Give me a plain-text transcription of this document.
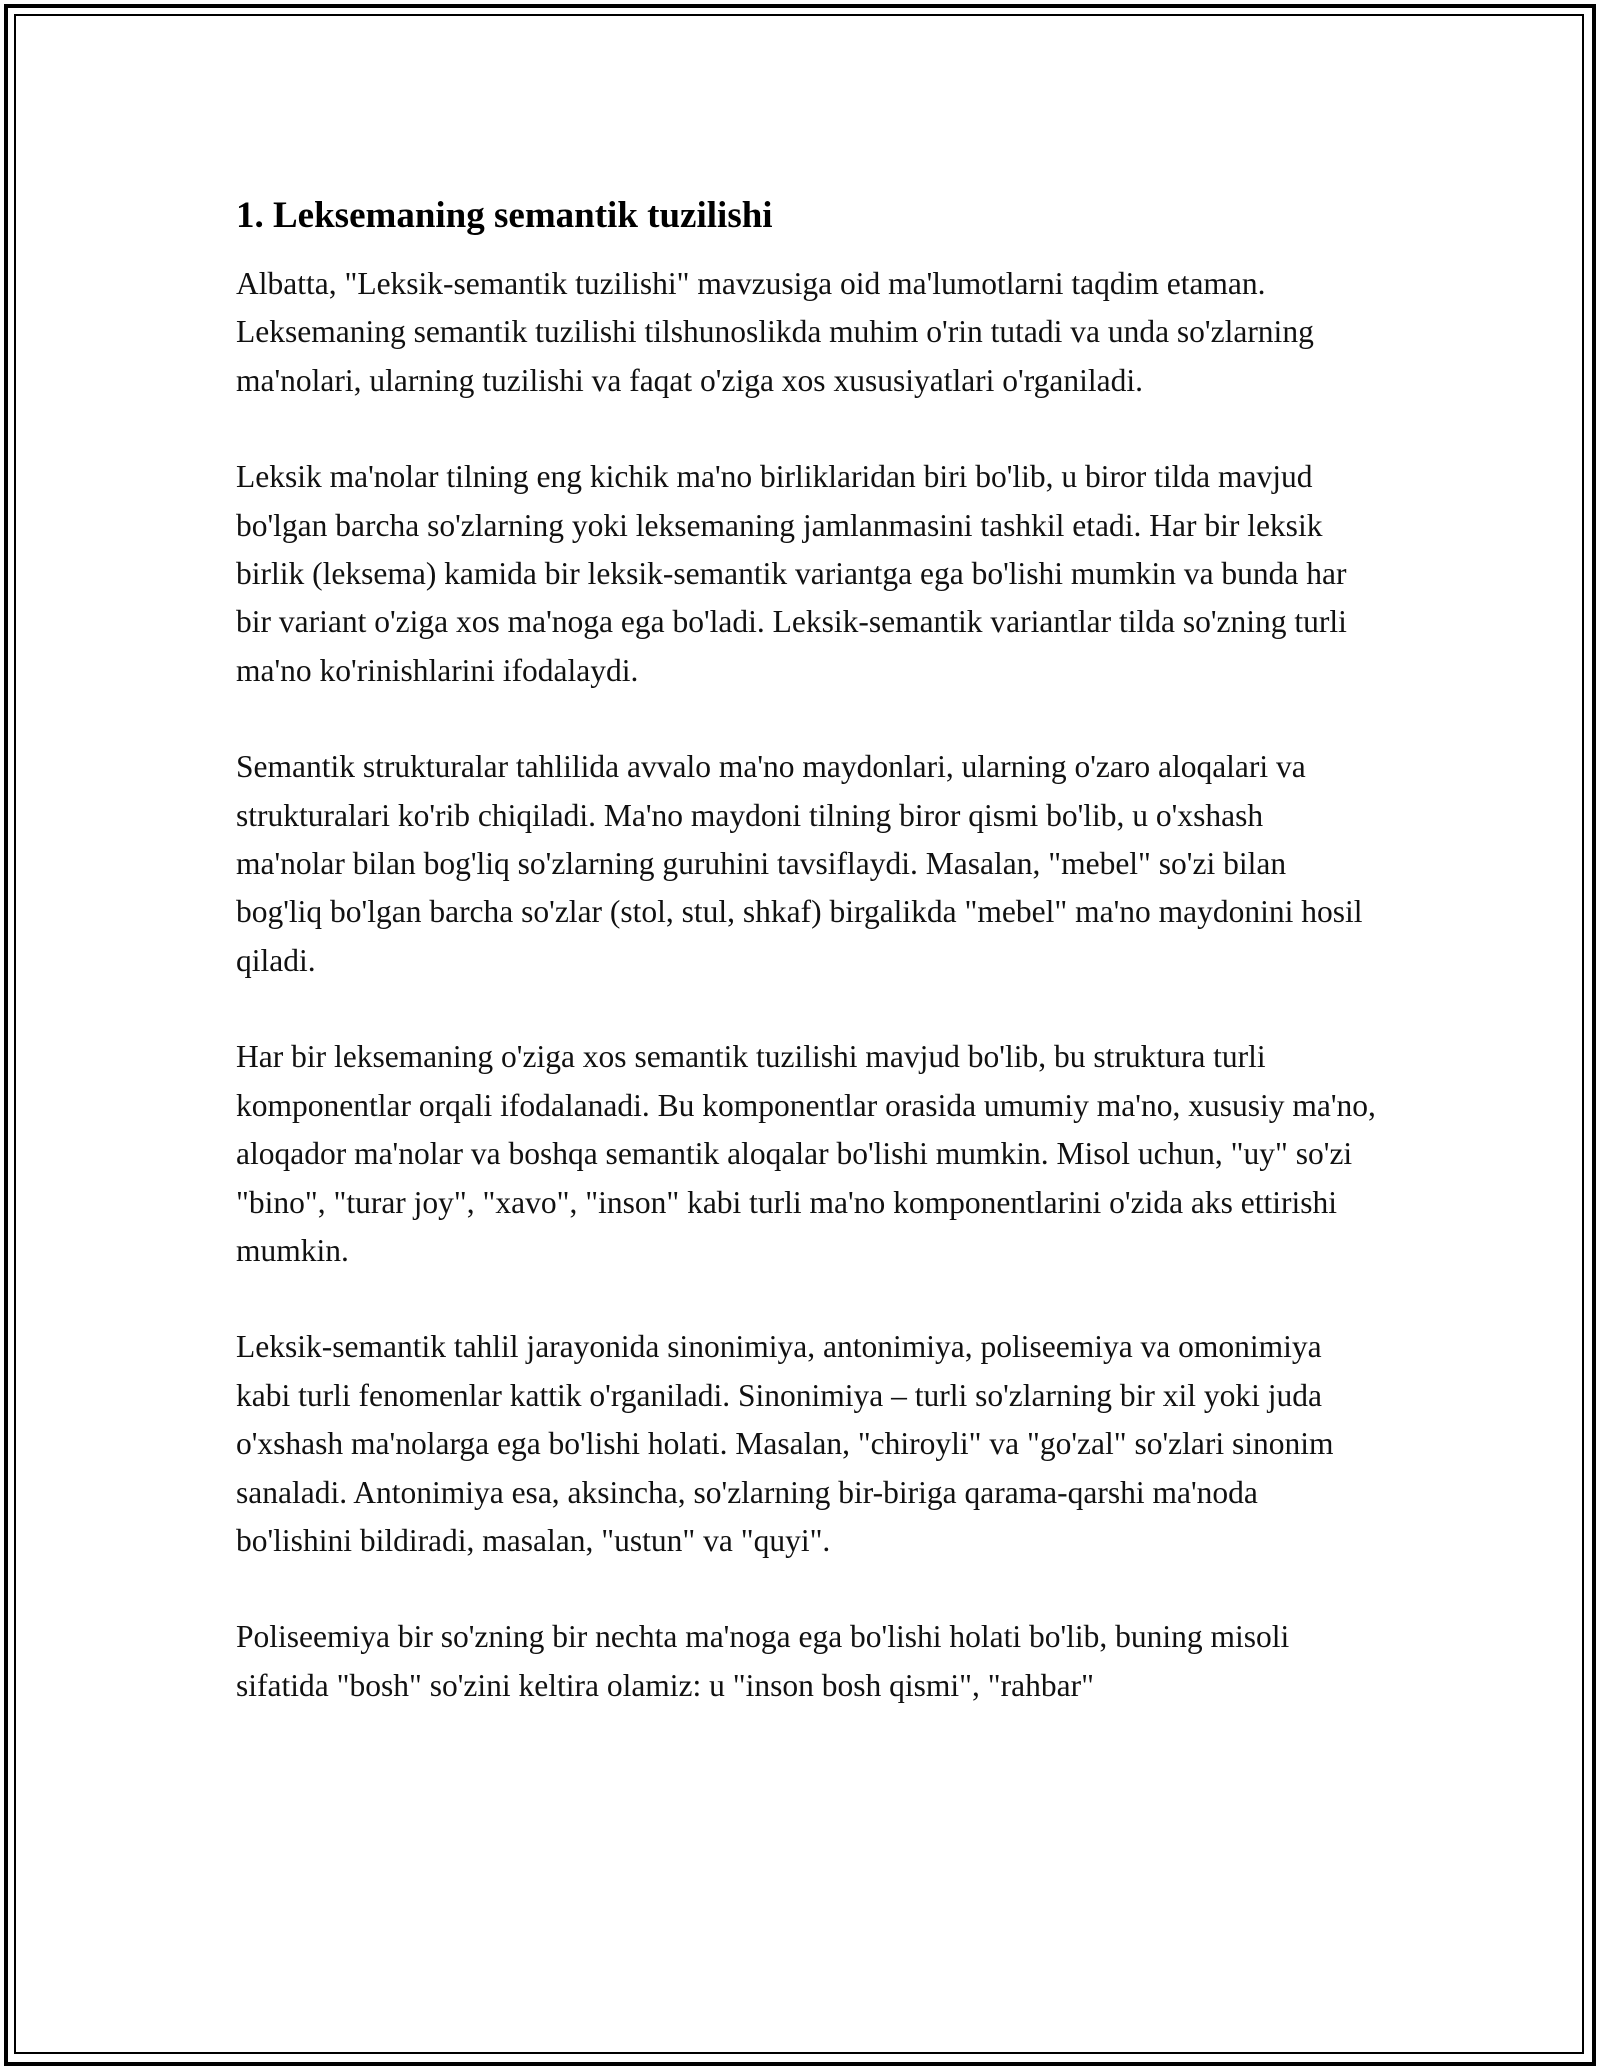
1. Leksemaning semantik tuzilishi

Albatta, "Leksik-semantik tuzilishi" mavzusiga oid ma'lumotlarni taqdim etaman. Leksemaning semantik tuzilishi tilshunoslikda muhim o'rin tutadi va unda so'zlarning ma'nolari, ularning tuzilishi va faqat o'ziga xos xususiyatlari o'rganiladi.

Leksik ma'nolar tilning eng kichik ma'no birliklaridan biri bo'lib, u biror tilda mavjud bo'lgan barcha so'zlarning yoki leksemaning jamlanmasini tashkil etadi. Har bir leksik birlik (leksema) kamida bir leksik-semantik variantga ega bo'lishi mumkin va bunda har bir variant o'ziga xos ma'noga ega bo'ladi. Leksik-semantik variantlar tilda so'zning turli ma'no ko'rinishlarini ifodalaydi.

Semantik strukturalar tahlilida avvalo ma'no maydonlari, ularning o'zaro aloqalari va strukturalari ko'rib chiqiladi. Ma'no maydoni tilning biror qismi bo'lib, u o'xshash ma'nolar bilan bog'liq so'zlarning guruhini tavsiflaydi. Masalan, "mebel" so'zi bilan bog'liq bo'lgan barcha so'zlar (stol, stul, shkaf) birgalikda "mebel" ma'no maydonini hosil qiladi.

Har bir leksemaning o'ziga xos semantik tuzilishi mavjud bo'lib, bu struktura turli komponentlar orqali ifodalanadi. Bu komponentlar orasida umumiy ma'no, xususiy ma'no, aloqador ma'nolar va boshqa semantik aloqalar bo'lishi mumkin. Misol uchun, "uy" so'zi "bino", "turar joy", "xavo", "inson" kabi turli ma'no komponentlarini o'zida aks ettirishi mumkin.

Leksik-semantik tahlil jarayonida sinonimiya, antonimiya, poliseemiya va omonimiya kabi turli fenomenlar kattik o'rganiladi. Sinonimiya – turli so'zlarning bir xil yoki juda o'xshash ma'nolarga ega bo'lishi holati. Masalan, "chiroyli" va "go'zal" so'zlari sinonim sanaladi. Antonimiya esa, aksincha, so'zlarning bir-biriga qarama-qarshi ma'noda bo'lishini bildiradi, masalan, "ustun" va "quyi".

Poliseemiya bir so'zning bir nechta ma'noga ega bo'lishi holati bo'lib, buning misoli sifatida "bosh" so'zini keltira olamiz: u "inson bosh qismi", "rahbar"
